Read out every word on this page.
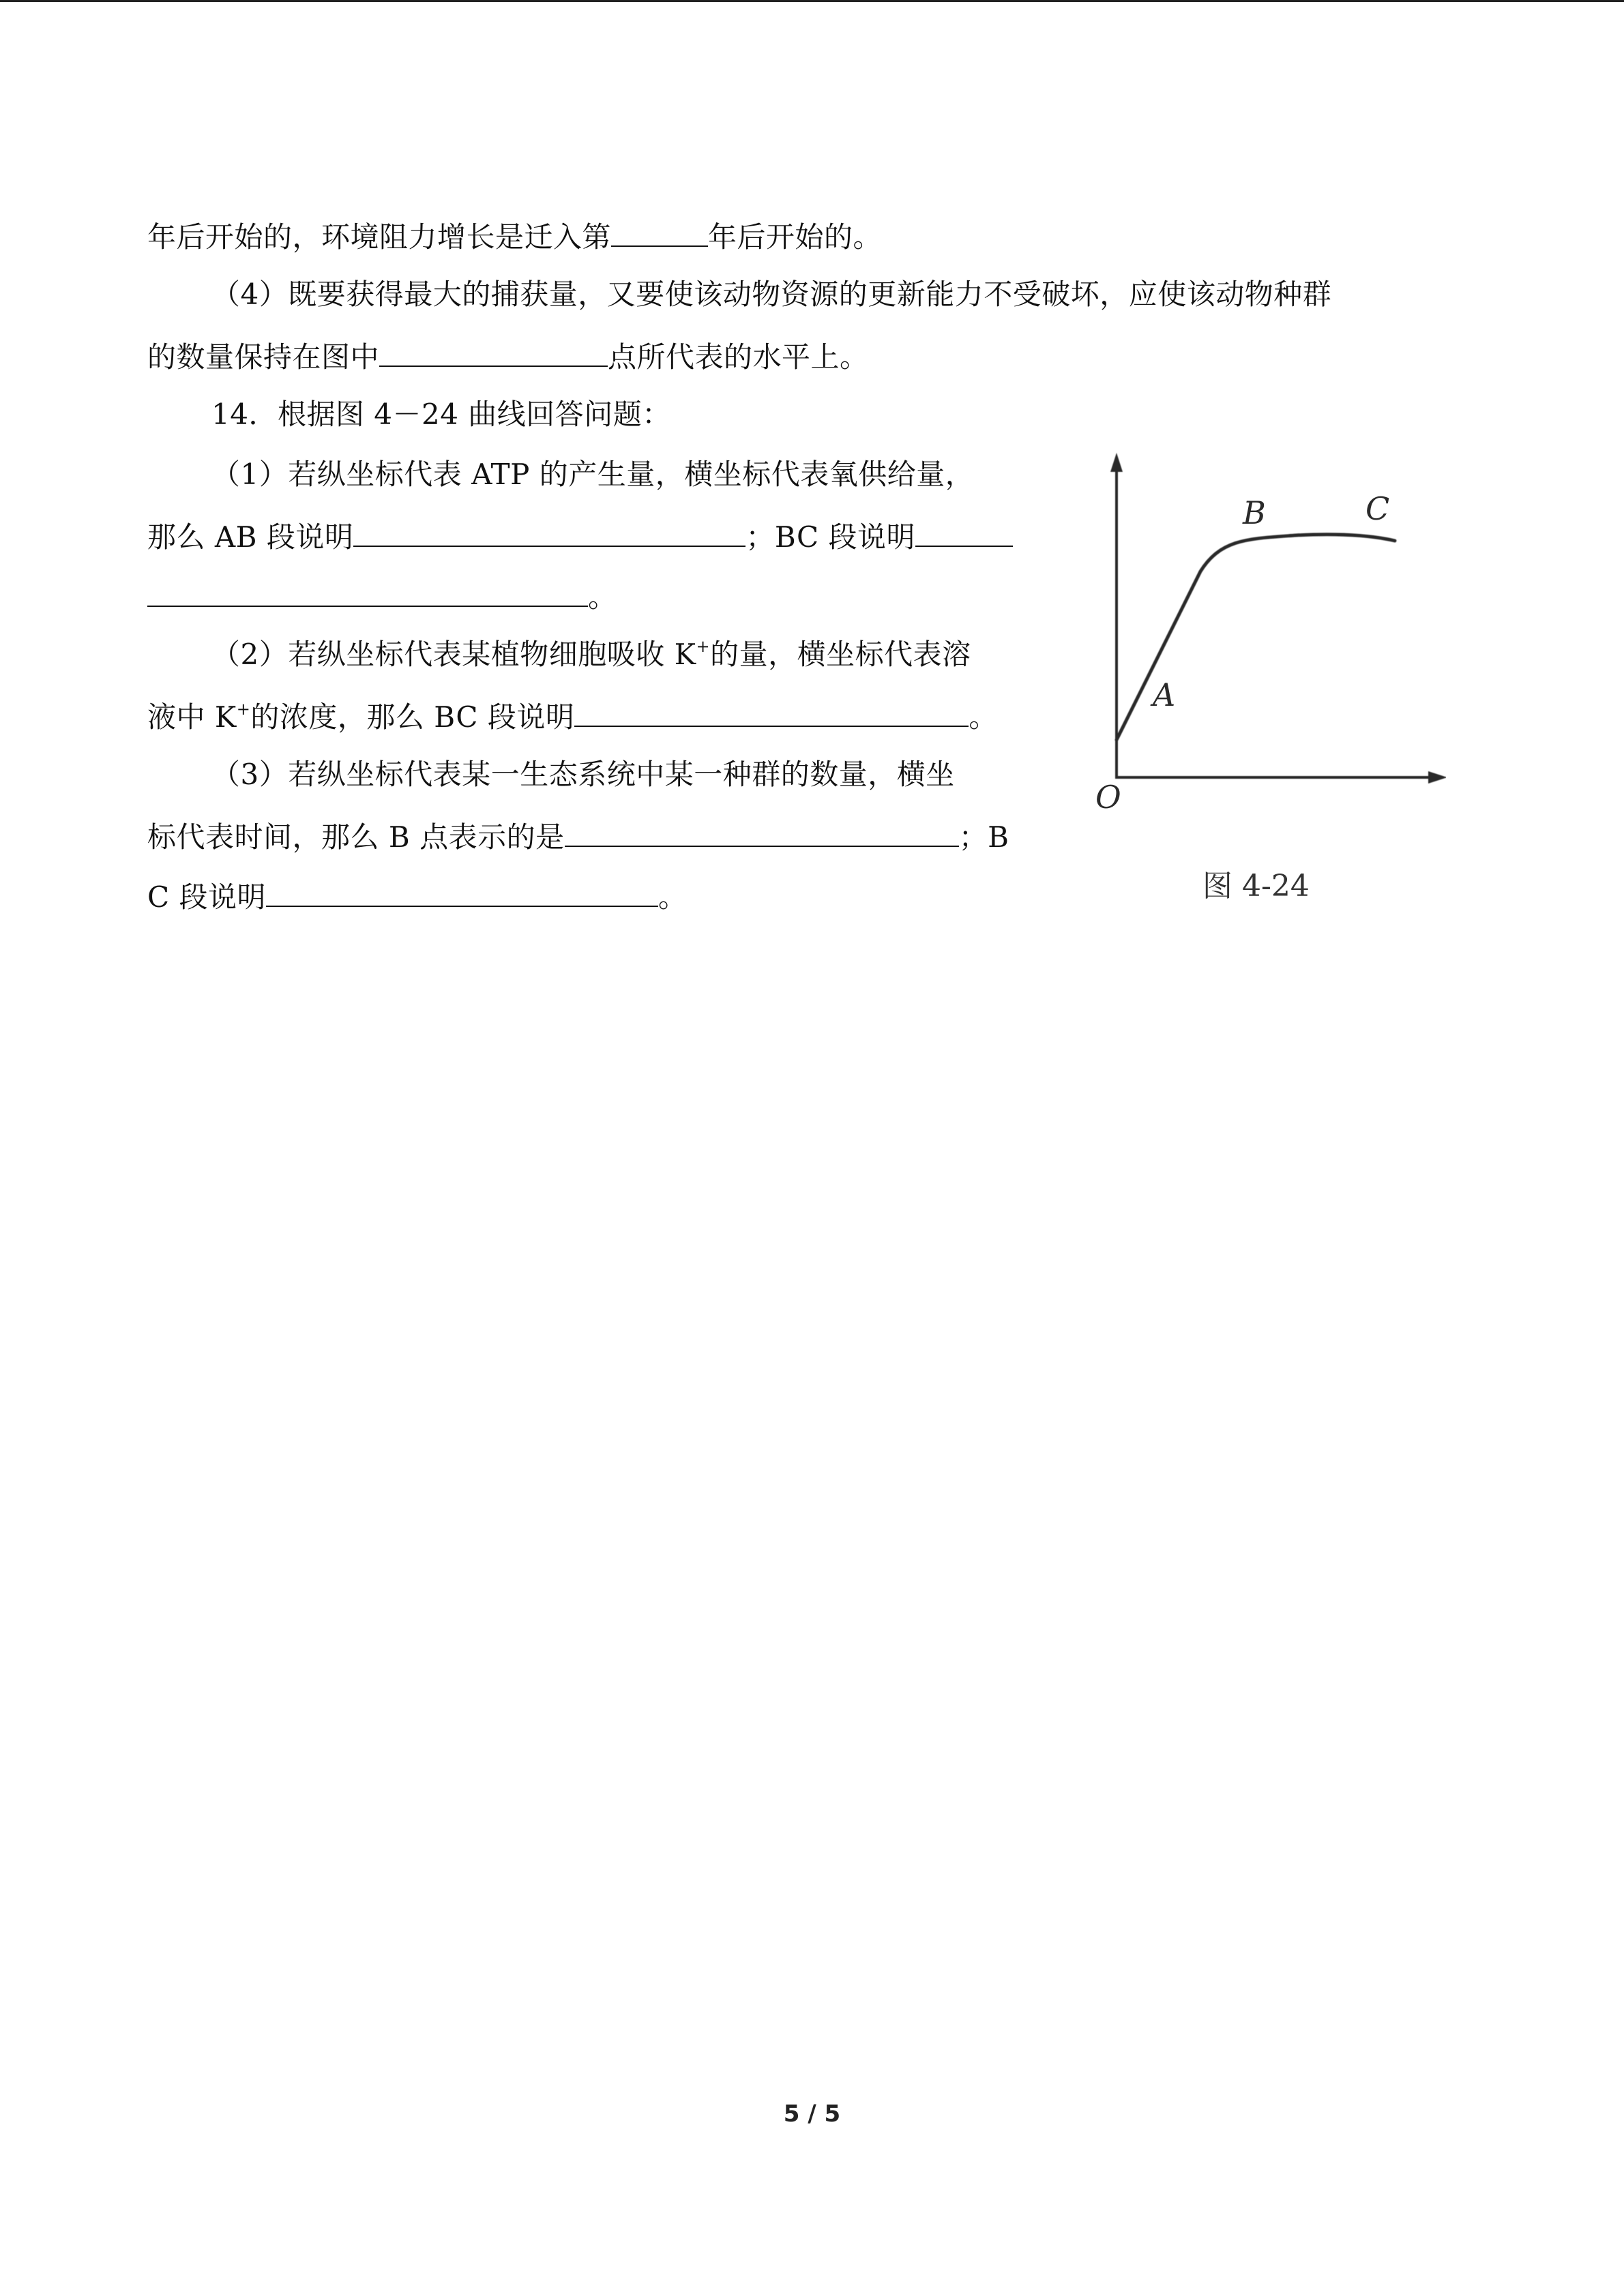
年后开始的，环境阻力增长是迁入第	年后开始的。
（4）既要获得最大的捕获量，又要使该动物资源的更新能力不受破坏，应使该动物种群
的数量保持在图中	点所代表的水平上。
14．根据图 4－24 曲线回答问题：
（1）若纵坐标代表 ATP 的产生量，横坐标代表氧供给量，
那么 AB 段说明	；BC 段说明
。
（2）若纵坐标代表某植物细胞吸收 K+的量，横坐标代表溶
液中 K+的浓度，那么 BC 段说明	。
（3）若纵坐标代表某一生态系统中某一种群的数量，横坐
标代表时间，那么 B 点表示的是	；B
C 段说明	。
O
A
B	C
图 4-24
5 / 5
